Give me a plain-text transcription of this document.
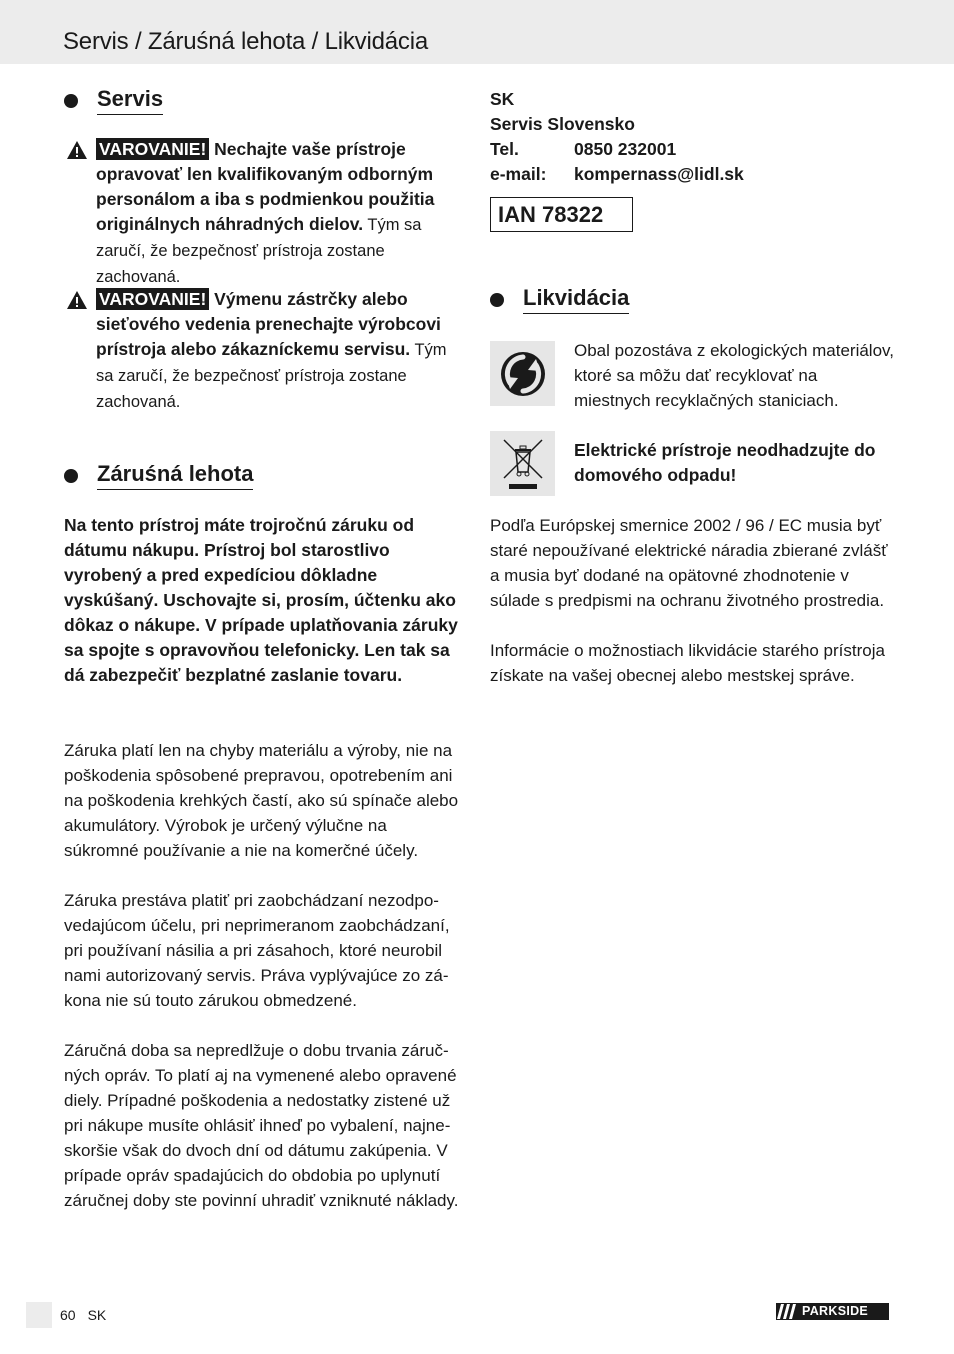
Servis / Záruśná lehota / Likvidácia
Servis
VAROVANIE! Nechajte vaše prístroje opravovať len kvalifikovaným odborným personálom a iba s podmienkou použitia originálnych náhradných dielov. Tým sa zaručí, že bezpečnosť prístroja zostane zachovaná.
VAROVANIE! Výmenu zástrčky alebo sieťového vedenia prenechajte výrobcovi prístroja alebo zákazníckemu servisu. Tým sa zaručí, že bezpečnosť prístroja zostane zachovaná.
Záruśná lehota

Na tento prístroj máte trojročnú záruku od dátumu nákupu. Prístroj bol starostlivo vyrobený a pred expedíciou dôkladne vyskúšaný. Uschovajte si, prosím, účtenku ako dôkaz o nákupe. V prípade uplatňovania záruky sa spojte s opravovňou telefonicky. Len tak sa dá zabezpečiť bezplatné zaslanie tovaru.

Záruka platí len na chyby materiálu a výroby, nie na poškodenia spôsobené prepravou, opotrebením ani na poškodenia krehkých častí, ako sú spínače alebo akumulátory. Výrobok je určený výlučne na súkromné používanie a nie na komerčné účely.

Záruka prestáva platiť pri zaobchádzaní nezodpovedajúcom účelu, pri neprimeranom zaobchádzaní, pri používaní násilia a pri zásahoch, ktoré neurobil nami autorizovaný servis. Práva vyplývajúce zo zákona nie sú touto zárukou obmedzené.

Záručná doba sa nepredlžuje o dobu trvania záručných opráv. To platí aj na vymenené alebo opravené diely. Prípadné poškodenia a nedostatky zistené už pri nákupe musíte ohlásiť ihneď po vybalení, najneskoršie však do dvoch dní od dátumu zakúpenia. V prípade opráv spadajúcich do obdobia po uplynutí záručnej doby ste povinní uhradiť vzniknuté náklady.

SK
Servis Slovensko
Tel.	0850 232001
e-mail:	kompernass@lidl.sk
IAN 78322
Likvidácia

Obal pozostáva z ekologických materiálov, ktoré sa môžu dať recyklovať na miestnych recyklačných staniciach.

Elektrické prístroje neodhadzujte do domového odpadu!

Podľa Európskej smernice 2002 / 96 / EC musia byť staré nepoužívané elektrické náradia zbierané zvlášť a musia byť dodané na opätovné zhodnotenie v súlade s predpismi na ochranu životného prostredia.

Informácie o možnostiach likvidácie starého prístroja získate na vašej obecnej alebo mestskej správe.

60 SK	PARKSIDE
